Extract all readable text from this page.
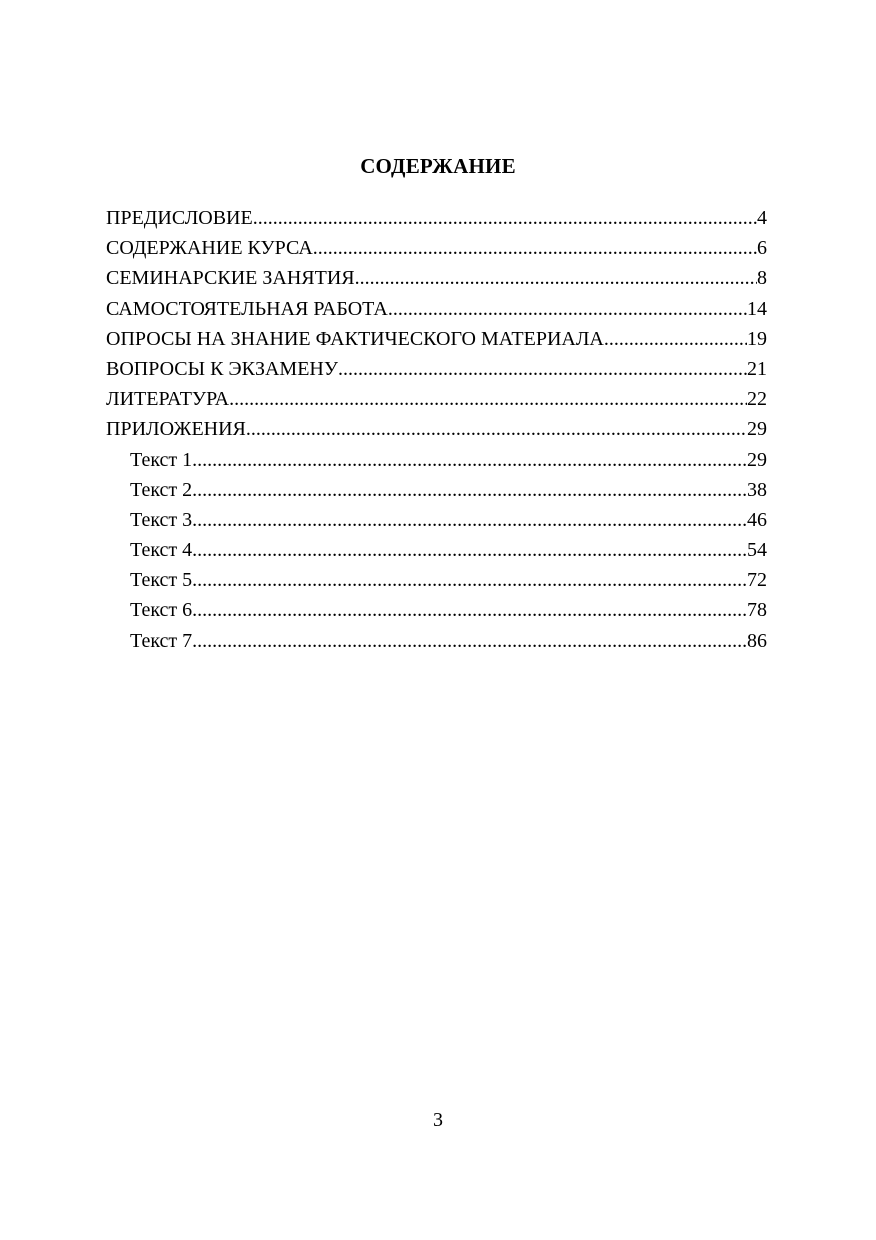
СОДЕРЖАНИЕ
ПРЕДИСЛОВИЕ .....	4
СОДЕРЖАНИЕ КУРСА .....	6
СЕМИНАРСКИЕ ЗАНЯТИЯ .....	8
САМОСТОЯТЕЛЬНАЯ РАБОТА .....	14
ОПРОСЫ НА ЗНАНИЕ ФАКТИЧЕСКОГО МАТЕРИАЛА .....	19
ВОПРОСЫ К ЭКЗАМЕНУ .....	21
ЛИТЕРАТУРА .....	22
ПРИЛОЖЕНИЯ .....	29
Текст 1 .....	29
Текст 2 .....	38
Текст 3 .....	46
Текст 4 .....	54
Текст 5 .....	72
Текст 6 .....	78
Текст 7 .....	86
3
